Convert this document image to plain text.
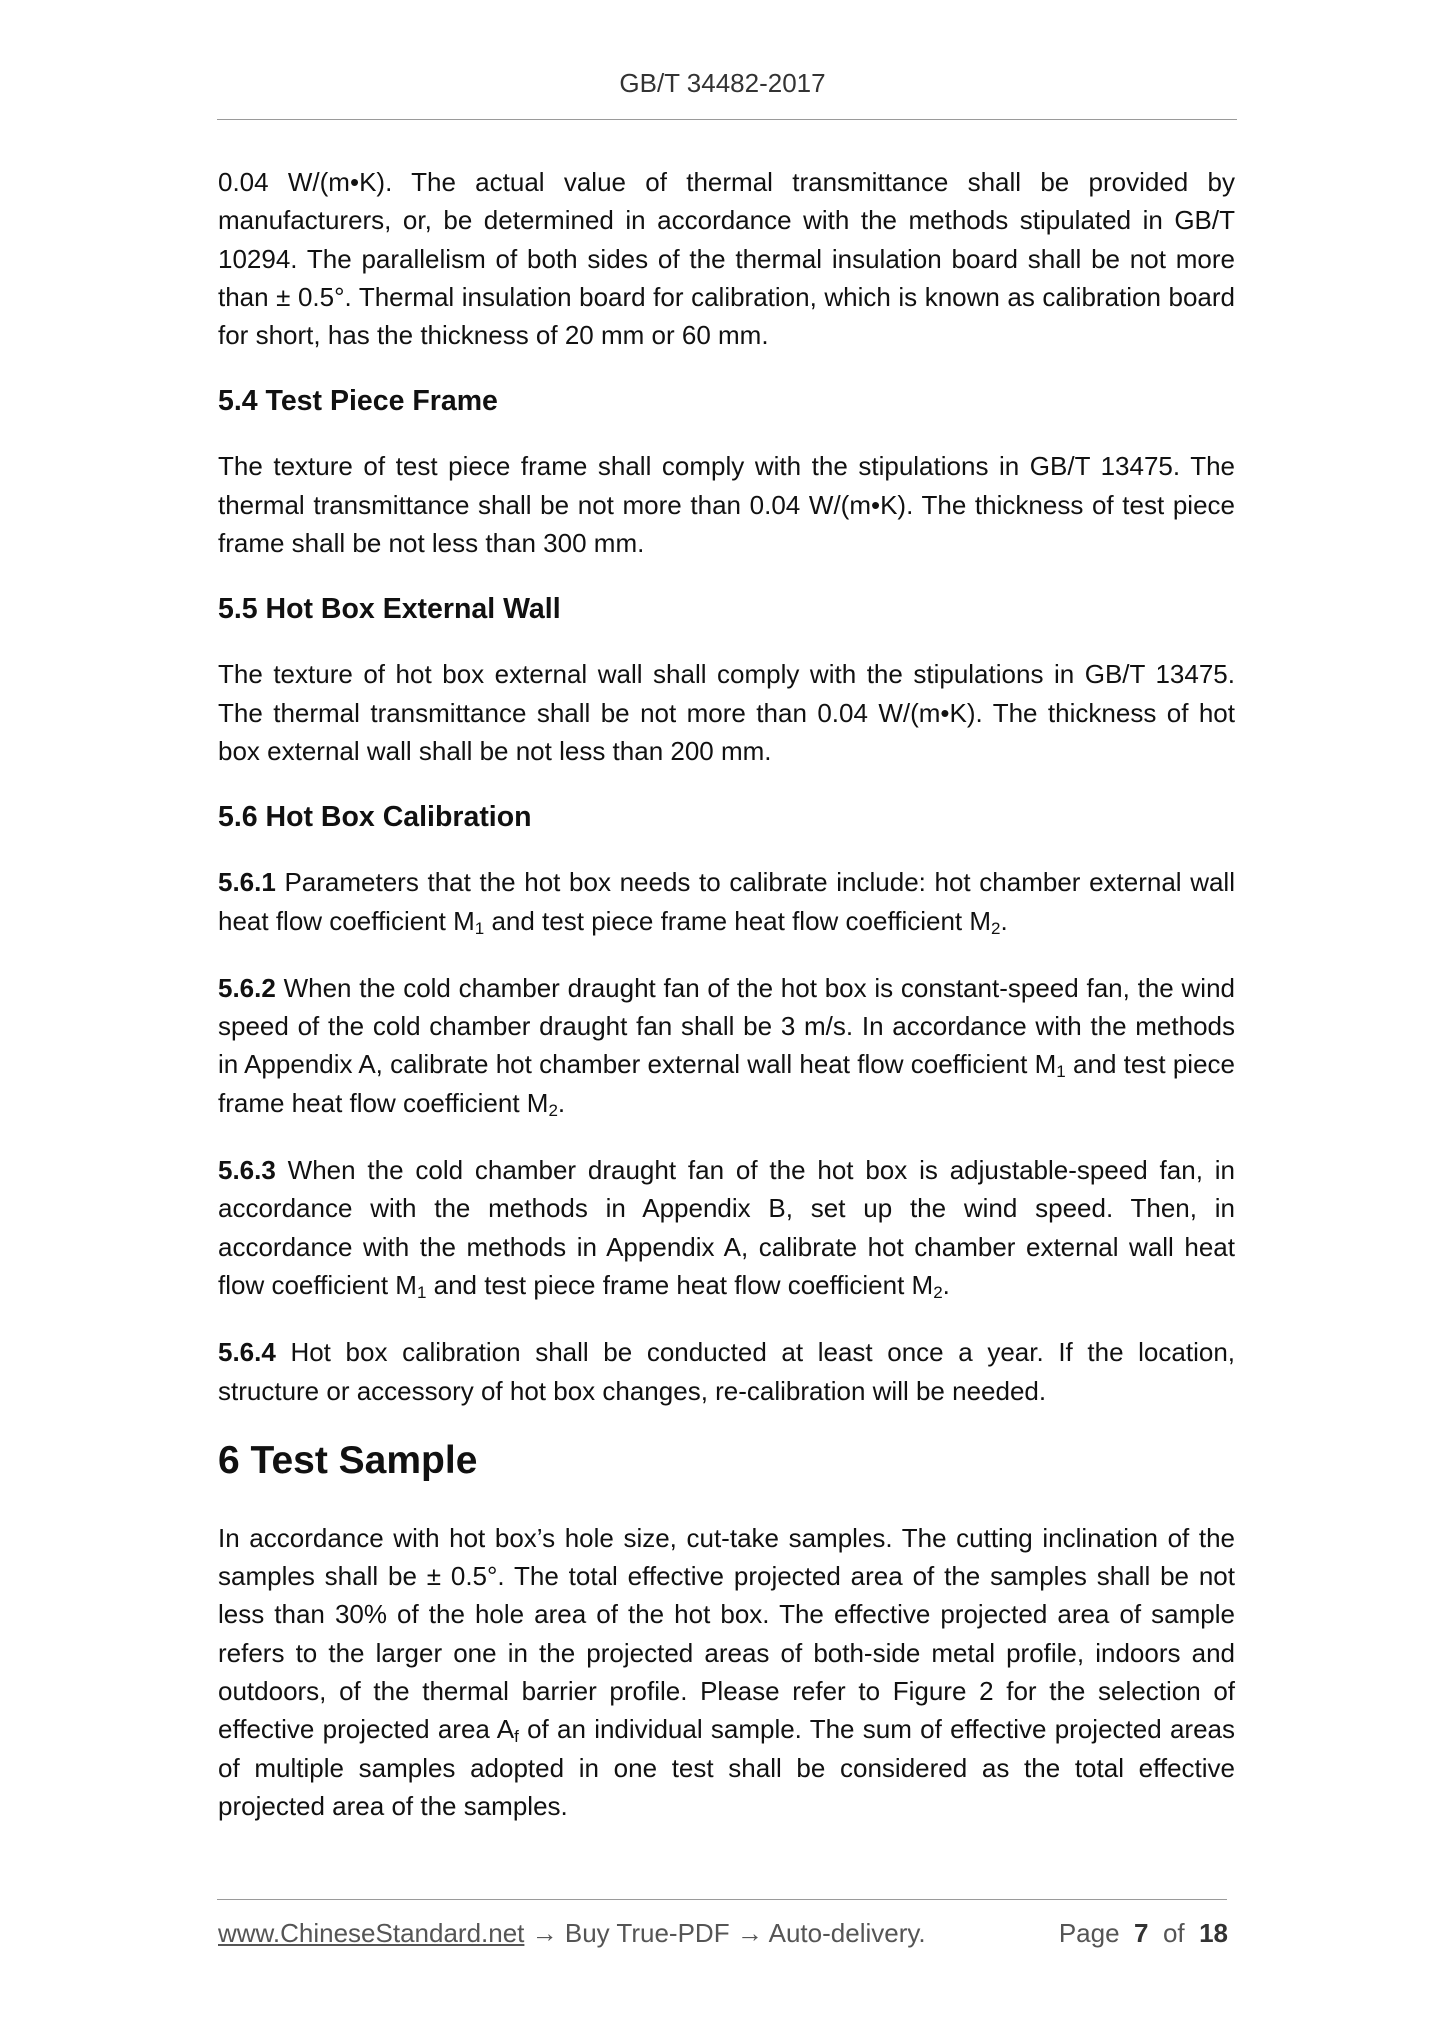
GB/T 34482-2017

0.04 W/(m•K). The actual value of thermal transmittance shall be provided by manufacturers, or, be determined in accordance with the methods stipulated in GB/T 10294. The parallelism of both sides of the thermal insulation board shall be not more than ± 0.5°. Thermal insulation board for calibration, which is known as calibration board for short, has the thickness of 20 mm or 60 mm.

5.4 Test Piece Frame

The texture of test piece frame shall comply with the stipulations in GB/T 13475. The thermal transmittance shall be not more than 0.04 W/(m•K). The thickness of test piece frame shall be not less than 300 mm.

5.5 Hot Box External Wall

The texture of hot box external wall shall comply with the stipulations in GB/T 13475. The thermal transmittance shall be not more than 0.04 W/(m•K). The thickness of hot box external wall shall be not less than 200 mm.

5.6 Hot Box Calibration

5.6.1 Parameters that the hot box needs to calibrate include: hot chamber external wall heat flow coefficient $M_1$ and test piece frame heat flow coefficient $M_2$.

5.6.2 When the cold chamber draught fan of the hot box is constant-speed fan, the wind speed of the cold chamber draught fan shall be 3 m/s. In accordance with the methods in Appendix A, calibrate hot chamber external wall heat flow coefficient $M_1$ and test piece frame heat flow coefficient $M_2$.

5.6.3 When the cold chamber draught fan of the hot box is adjustable-speed fan, in accordance with the methods in Appendix B, set up the wind speed. Then, in accordance with the methods in Appendix A, calibrate hot chamber external wall heat flow coefficient $M_1$ and test piece frame heat flow coefficient $M_2$.

5.6.4 Hot box calibration shall be conducted at least once a year. If the location, structure or accessory of hot box changes, re-calibration will be needed.

6 Test Sample

In accordance with hot box’s hole size, cut-take samples. The cutting inclination of the samples shall be ± 0.5°. The total effective projected area of the samples shall be not less than 30% of the hole area of the hot box. The effective projected area of sample refers to the larger one in the projected areas of both-side metal profile, indoors and outdoors, of the thermal barrier profile. Please refer to Figure 2 for the selection of effective projected area $A_f$ of an individual sample. The sum of effective projected areas of multiple samples adopted in one test shall be considered as the total effective projected area of the samples.

www.ChineseStandard.net → Buy True-PDF → Auto-delivery.	Page 7 of 18
